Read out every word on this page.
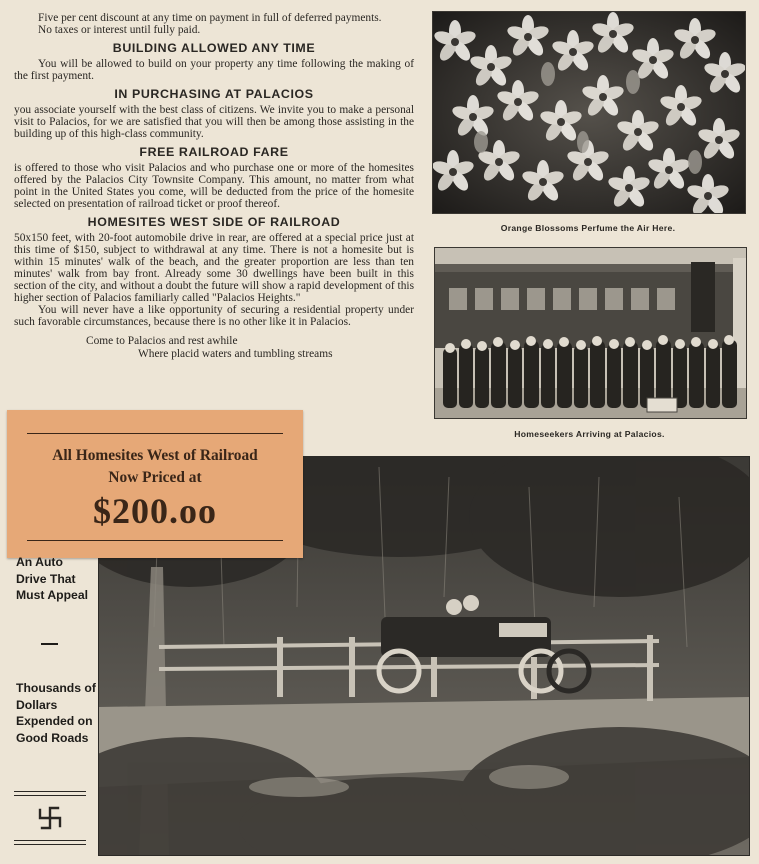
Five per cent discount at any time on payment in full of deferred payments.

No taxes or interest until fully paid.

BUILDING ALLOWED ANY TIME

You will be allowed to build on your property any time following the making of the first payment.

IN PURCHASING AT PALACIOS

you associate yourself with the best class of citizens. We invite you to make a personal visit to Palacios, for we are satisfied that you will then be among those assisting in the building up of this high-class community.

FREE RAILROAD FARE

is offered to those who visit Palacios and who purchase one or more of the homesites offered by the Palacios City Townsite Company. This amount, no matter from what point in the United States you come, will be deducted from the price of the homesite selected on presentation of railroad ticket or proof thereof.

HOMESITES WEST SIDE OF RAILROAD

50x150 feet, with 20-foot automobile drive in rear, are offered at a special price just at this time of $150, subject to withdrawal at any time. There is not a homesite but is within 15 minutes' walk of the beach, and the greater proportion are less than ten minutes' walk from bay front. Already some 30 dwellings have been built in this section of the city, and without a doubt the future will show a rapid development of this higher section of Palacios familiarly called "Palacios Heights."

You will never have a like opportunity of securing a residential property under such favorable circumstances, because there is no other like it in Palacios.

Come to Palacios and rest awhile
Where placid waters and tumbling streams
Orange Blossoms Perfume the Air Here.
Homeseekers Arriving at Palacios.
All Homesites West of Railroad
Now Priced at
$200.oo
An Auto
Drive That
Must Appeal
Thousands of
Dollars
Expended on
Good Roads
